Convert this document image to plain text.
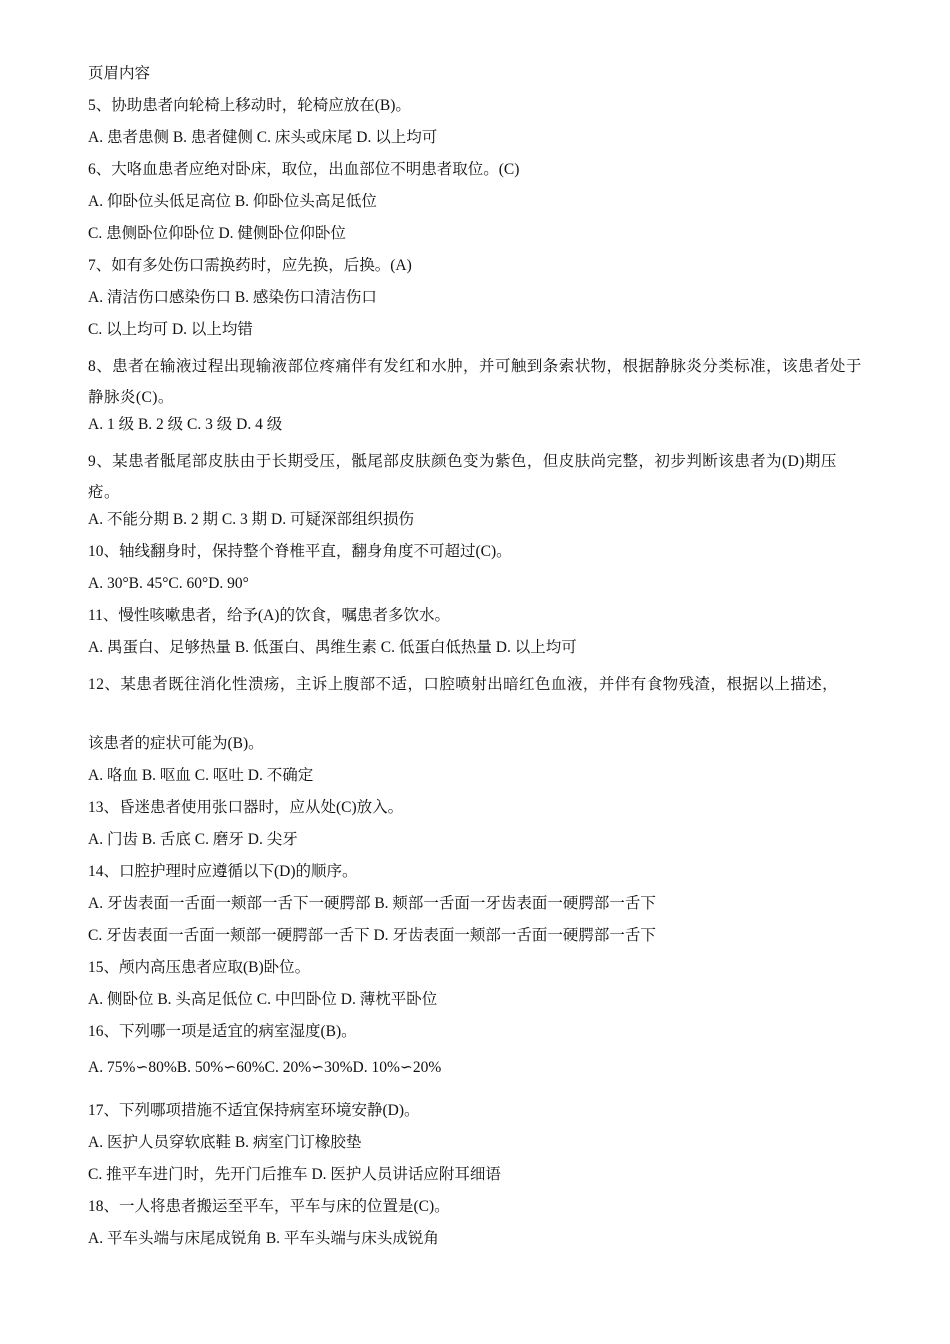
页眉内容
5、协助患者向轮椅上移动时，轮椅应放在(B)。
A. 患者患侧 B. 患者健侧 C. 床头或床尾 D. 以上均可
6、大咯血患者应绝对卧床，取位，出血部位不明患者取位。(C)
A. 仰卧位头低足高位 B. 仰卧位头高足低位
C. 患侧卧位仰卧位 D. 健侧卧位仰卧位
7、如有多处伤口需换药时，应先换，后换。(A)
A. 清洁伤口感染伤口 B. 感染伤口清洁伤口
C. 以上均可 D. 以上均错
8、患者在输液过程出现输液部位疼痛伴有发红和水肿，并可触到条索状物，根据静脉炎分类标准，该患者处于静脉炎(C)。
A. 1 级 B. 2 级 C. 3 级 D. 4 级
9、某患者骶尾部皮肤由于长期受压，骶尾部皮肤颜色变为紫色，但皮肤尚完整，初步判断该患者为(D)期压疮。
A. 不能分期 B. 2 期 C. 3 期 D. 可疑深部组织损伤
10、轴线翻身时，保持整个脊椎平直，翻身角度不可超过(C)。
A. 30°B. 45°C. 60°D. 90°
11、慢性咳嗽患者，给予(A)的饮食，嘱患者多饮水。
A. 禺蛋白、足够热量 B. 低蛋白、禺维生素 C. 低蛋白低热量 D. 以上均可
12、某患者既往消化性溃疡，主诉上腹部不适，口腔喷射出暗红色血液，并伴有食物残渣，根据以上描述，
该患者的症状可能为(B)。
A. 咯血 B. 呕血 C. 呕吐 D. 不确定
13、昏迷患者使用张口器时，应从处(C)放入。
A. 门齿 B. 舌底 C. 磨牙 D. 尖牙
14、口腔护理时应遵循以下(D)的顺序。
A. 牙齿表面一舌面一颊部一舌下一硬腭部 B. 颊部一舌面一牙齿表面一硬腭部一舌下
C. 牙齿表面一舌面一颊部一硬腭部一舌下 D. 牙齿表面一颊部一舌面一硬腭部一舌下
15、颅内高压患者应取(B)卧位。
A. 侧卧位 B. 头高足低位 C. 中凹卧位 D. 薄枕平卧位
16、下列哪一项是适宜的病室湿度(B)。
A. 75%∽80%B. 50%∽60%C. 20%∽30%D. 10%∽20%
17、下列哪项措施不适宜保持病室环境安静(D)。
A. 医护人员穿软底鞋 B. 病室门订橡胶垫
C. 推平车进门时，先开门后推车 D. 医护人员讲话应附耳细语
18、一人将患者搬运至平车，平车与床的位置是(C)。
A. 平车头端与床尾成锐角 B. 平车头端与床头成锐角
